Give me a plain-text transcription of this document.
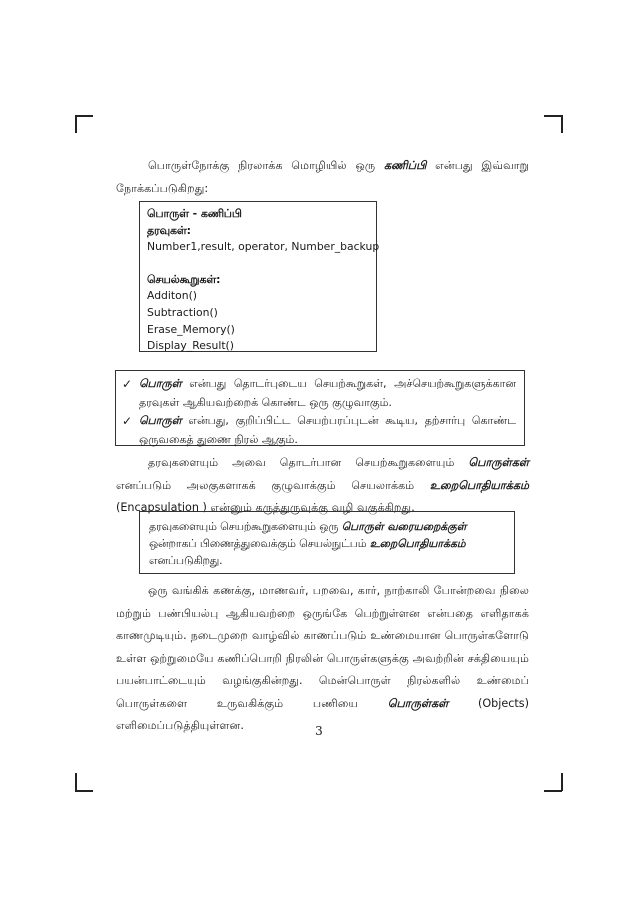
பொருள்நோக்கு நிரலாக்க மொழியில் ஒரு கணிப்பி என்பது இவ்வாறு நோக்கப்படுகிறது:
பொருள் - கணிப்பி
தரவுகள்:
Number1,result, operator, Number_backup
செயல்கூறுகள்:
Additon()
Subtraction()
Erase_Memory()
Display_Result()
✓ பொருள் என்பது தொடர்புடைய செயற்கூறுகள், அச்செயற்கூறுகளுக்கான தரவுகள் ஆகியவற்றைக் கொண்ட ஒரு குழுவாகும்.
✓ பொருள் என்பது, குறிப்பிட்ட செயற்பரப்புடன் கூடிய, தற்சார்பு கொண்ட ஒருவகைத் துணை நிரல் ஆகும்.
தரவுகளையும் அவை தொடர்பான செயற்கூறுகளையும் பொருள்கள் எனப்படும் அலகுகளாகக் குழுவாக்கும் செயலாக்கம் உறைபொதியாக்கம் (Encapsulation ) என்னும் கருத்துருவுக்கு வழி வகுக்கிறது.
தரவுகளையும் செயற்கூறுகளையும் ஒரு பொருள் வரையறைக்குள் ஒன்றாகப் பிணைத்துவைக்கும் செயல்நுட்பம் உறைபொதியாக்கம் எனப்படுகிறது.
ஒரு வங்கிக் கணக்கு, மாணவர், பறவை, கார், நாற்காலி போன்றவை நிலை மற்றும் பண்பியல்பு ஆகியவற்றை ஒருங்கே பெற்றுள்ளன என்பதை எளிதாகக் காணமுடியும். நடைமுறை வாழ்வில் காணப்படும் உண்மையான பொருள்களோடு உள்ள ஒற்றுமையே கணிப்பொறி நிரலின் பொருள்களுக்கு அவற்றின் சக்தியையும் பயன்பாட்டையும் வழங்குகின்றது. மென்பொருள் நிரல்களில் உண்மைப் பொருள்களை உருவகிக்கும் பணியை பொருள்கள் (Objects) எளிமைப்படுத்தியுள்ளன.	3
